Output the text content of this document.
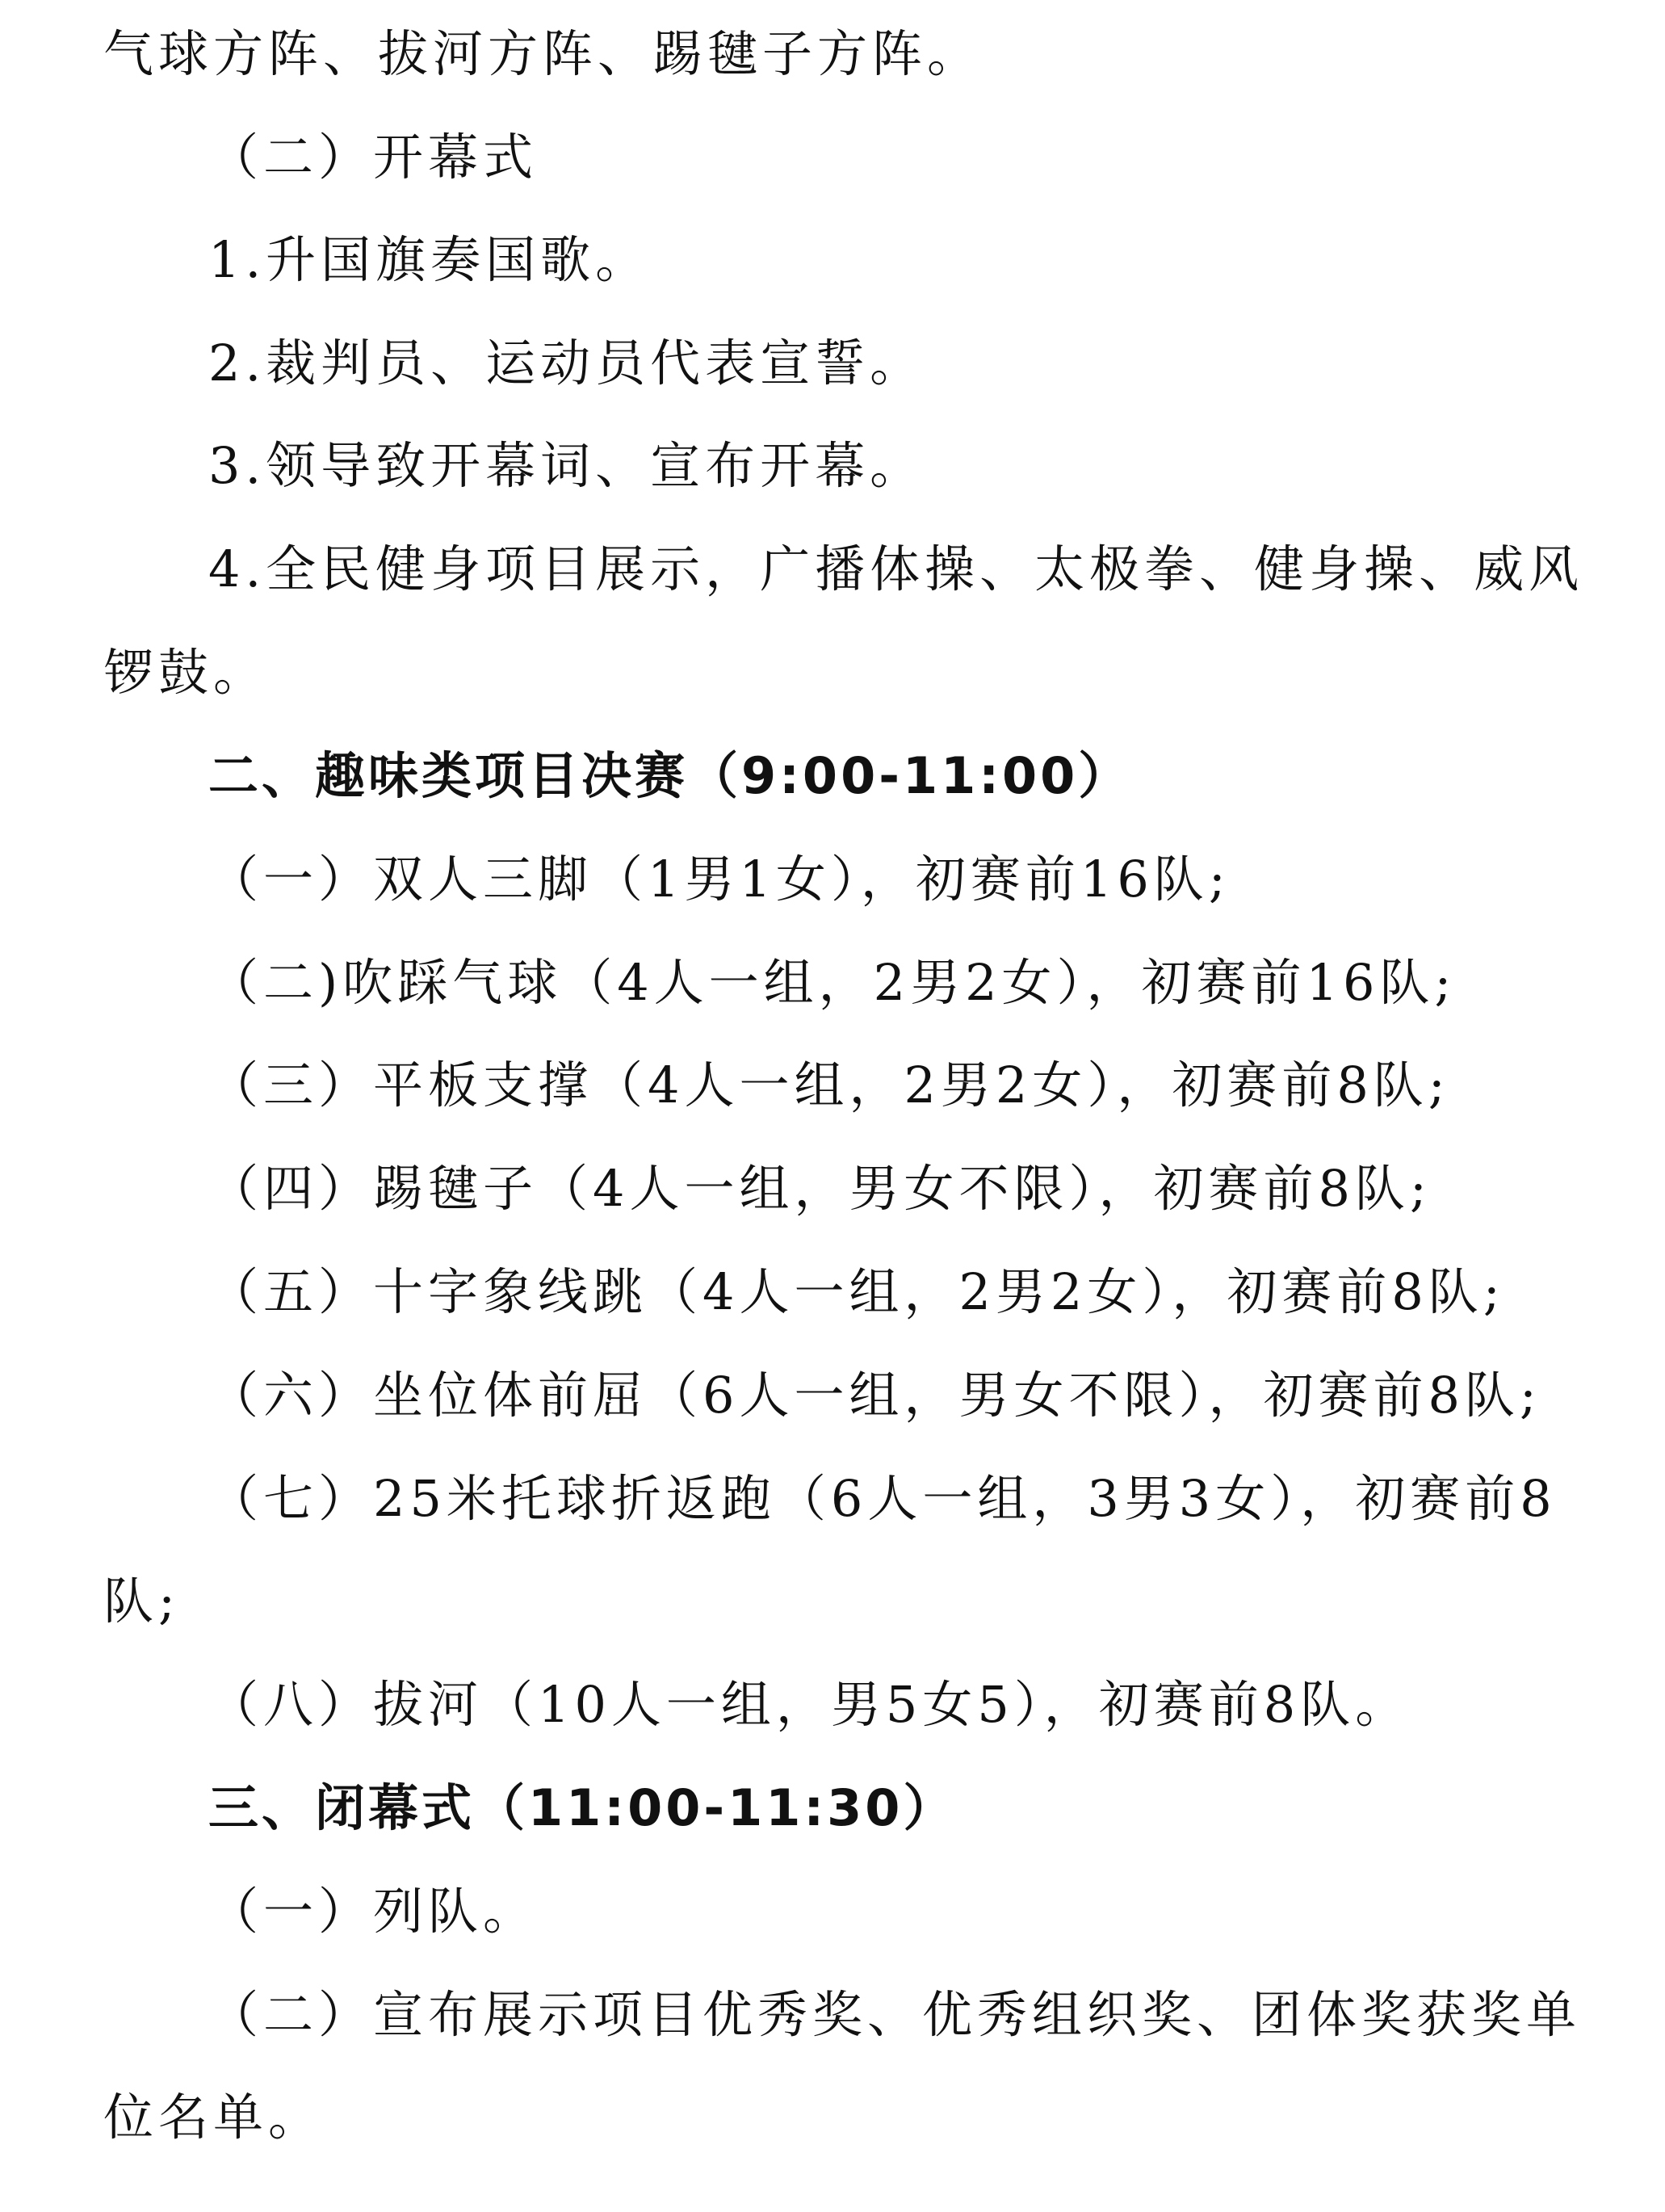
气球方阵、拔河方阵、踢毽子方阵。
（二）开幕式
1.升国旗奏国歌。
2.裁判员、运动员代表宣誓。
3.领导致开幕词、宣布开幕。
4.全民健身项目展示，广播体操、太极拳、健身操、威风
锣鼓。
二、趣味类项目决赛（9:00-11:00）
（一）双人三脚（1男1女），初赛前16队;
（二)吹踩气球（4人一组，2男2女），初赛前16队;
（三）平板支撑（4人一组，2男2女），初赛前8队;
（四）踢毽子（4人一组，男女不限），初赛前8队;
（五）十字象线跳（4人一组，2男2女），初赛前8队;
（六）坐位体前屈（6人一组，男女不限），初赛前8队;
（七）25米托球折返跑（6人一组，3男3女），初赛前8
队;
（八）拔河（10人一组，男5女5），初赛前8队。
三、闭幕式（11:00-11:30）
（一）列队。
（二）宣布展示项目优秀奖、优秀组织奖、团体奖获奖单
位名单。
